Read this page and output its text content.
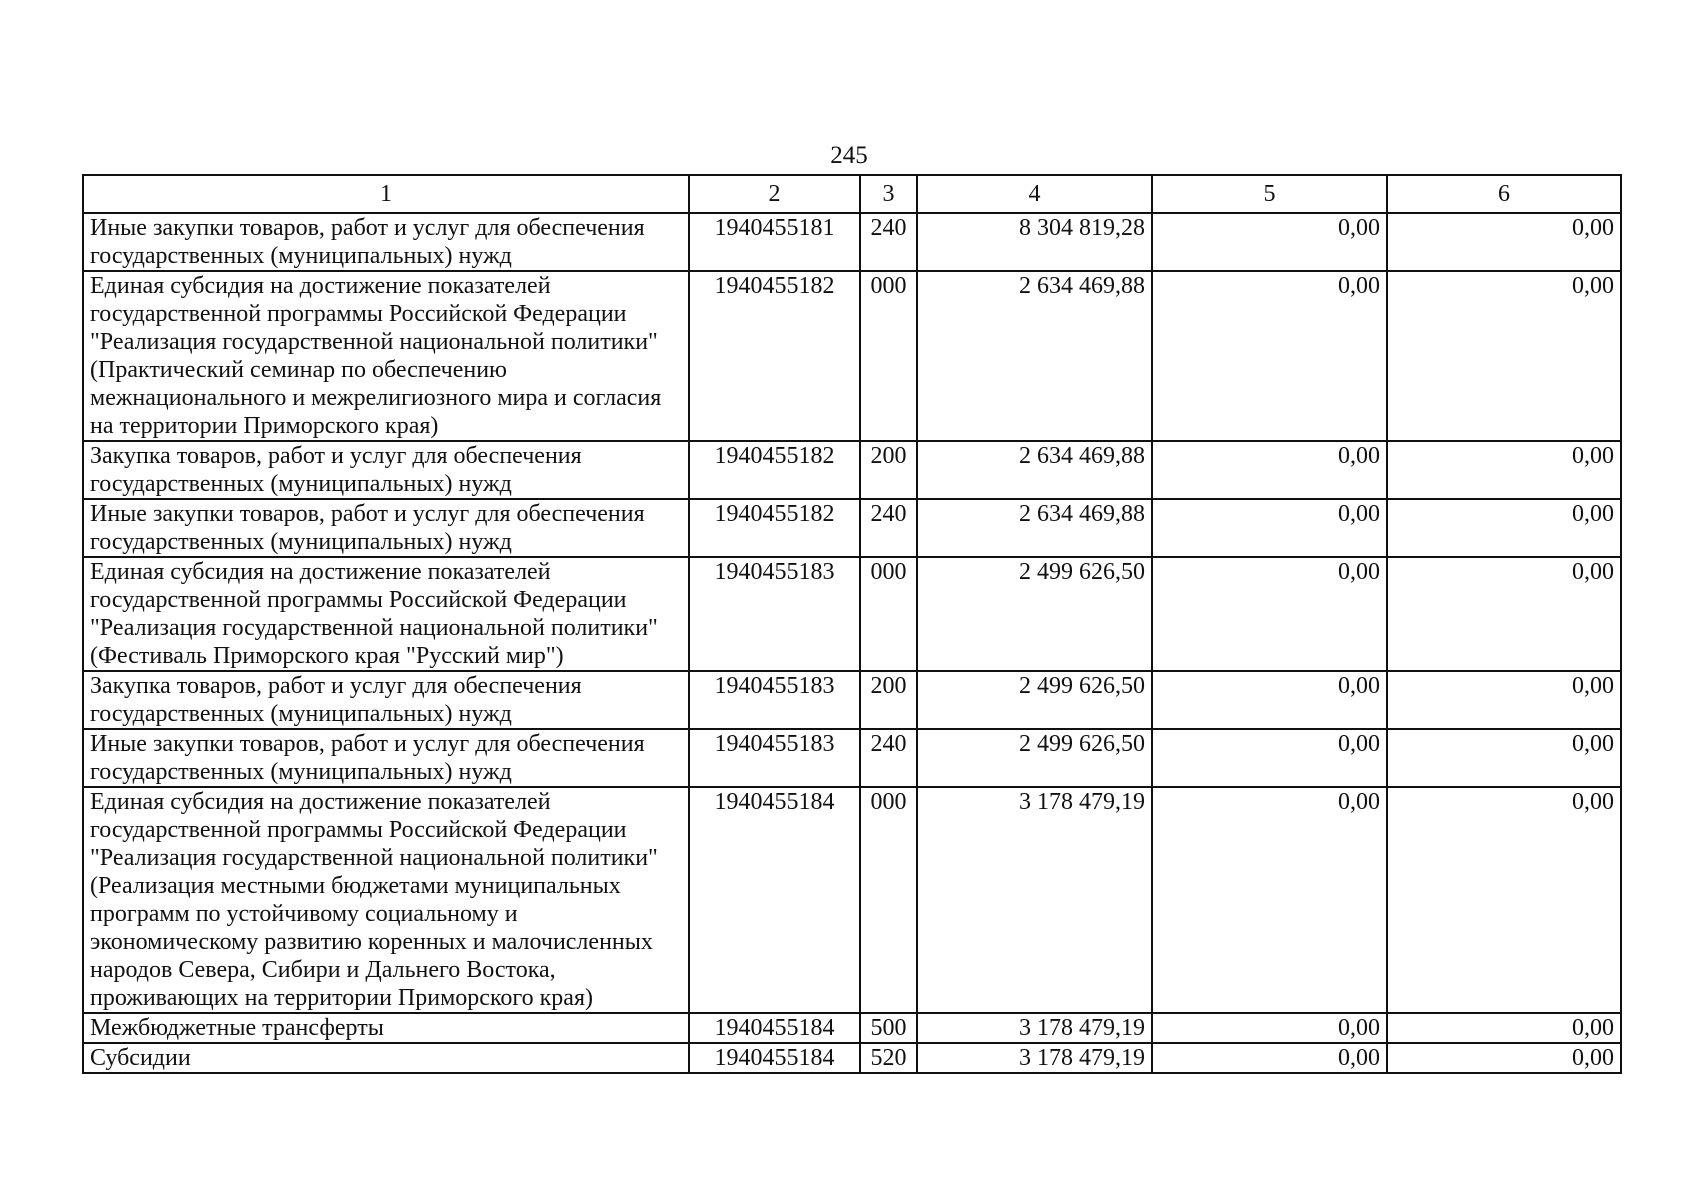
245
1	2	3	4	5	6
Иные закупки товаров, работ и услуг для обеспечения государственных (муниципальных) нужд	1940455181	240	8 304 819,28	0,00	0,00
Единая субсидия на достижение показателей государственной программы Российской Федерации "Реализация государственной национальной политики" (Практический семинар по обеспечению межнационального и межрелигиозного мира и согласия на территории Приморского края)	1940455182	000	2 634 469,88	0,00	0,00
Закупка товаров, работ и услуг для обеспечения государственных (муниципальных) нужд	1940455182	200	2 634 469,88	0,00	0,00
Иные закупки товаров, работ и услуг для обеспечения государственных (муниципальных) нужд	1940455182	240	2 634 469,88	0,00	0,00
Единая субсидия на достижение показателей государственной программы Российской Федерации "Реализация государственной национальной политики" (Фестиваль Приморского края "Русский мир")	1940455183	000	2 499 626,50	0,00	0,00
Закупка товаров, работ и услуг для обеспечения государственных (муниципальных) нужд	1940455183	200	2 499 626,50	0,00	0,00
Иные закупки товаров, работ и услуг для обеспечения государственных (муниципальных) нужд	1940455183	240	2 499 626,50	0,00	0,00
Единая субсидия на достижение показателей государственной программы Российской Федерации "Реализация государственной национальной политики" (Реализация местными бюджетами муниципальных программ по устойчивому социальному и экономическому развитию коренных и малочисленных народов Севера, Сибири и Дальнего Востока, проживающих на территории Приморского края)	1940455184	000	3 178 479,19	0,00	0,00
Межбюджетные трансферты	1940455184	500	3 178 479,19	0,00	0,00
Субсидии	1940455184	520	3 178 479,19	0,00	0,00
